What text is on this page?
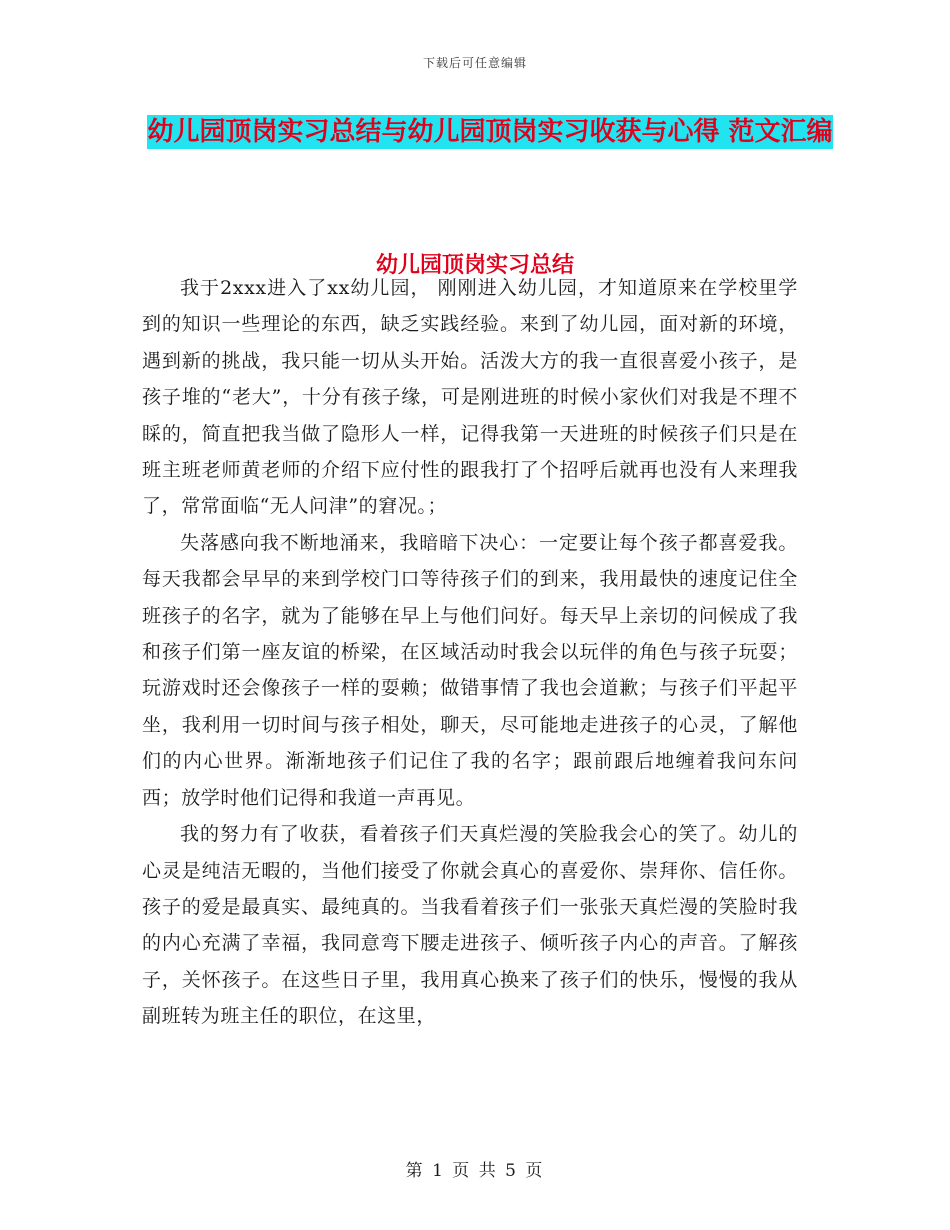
下载后可任意编辑
幼儿园顶岗实习总结与幼儿园顶岗实习收获与心得 范文汇编
幼儿园顶岗实习总结

我于2xxx进入了xx幼儿园， 刚刚进入幼儿园，才知道原来在学校里学到的知识一些理论的东西，缺乏实践经验。来到了幼儿园，面对新的环境，遇到新的挑战，我只能一切从头开始。活泼大方的我一直很喜爱小孩子，是孩子堆的“老大”，十分有孩子缘，可是刚进班的时候小家伙们对我是不理不睬的，简直把我当做了隐形人一样，记得我第一天进班的时候孩子们只是在班主班老师黄老师的介绍下应付性的跟我打了个招呼后就再也没有人来理我了，常常面临“无人问津”的窘况。；

失落感向我不断地涌来，我暗暗下决心：一定要让每个孩子都喜爱我。每天我都会早早的来到学校门口等待孩子们的到来，我用最快的速度记住全班孩子的名字，就为了能够在早上与他们问好。每天早上亲切的问候成了我和孩子们第一座友谊的桥梁，在区域活动时我会以玩伴的角色与孩子玩耍；玩游戏时还会像孩子一样的耍赖；做错事情了我也会道歉；与孩子们平起平坐，我利用一切时间与孩子相处，聊天，尽可能地走进孩子的心灵，了解他们的内心世界。渐渐地孩子们记住了我的名字；跟前跟后地缠着我问东问西；放学时他们记得和我道一声再见。

我的努力有了收获，看着孩子们天真烂漫的笑脸我会心的笑了。幼儿的心灵是纯洁无暇的，当他们接受了你就会真心的喜爱你、崇拜你、信任你。孩子的爱是最真实、最纯真的。当我看着孩子们一张张天真烂漫的笑脸时我的内心充满了幸福，我同意弯下腰走进孩子、倾听孩子内心的声音。了解孩子，关怀孩子。在这些日子里，我用真心换来了孩子们的快乐，慢慢的我从副班转为班主任的职位，在这里，

第 1 页 共 5 页
